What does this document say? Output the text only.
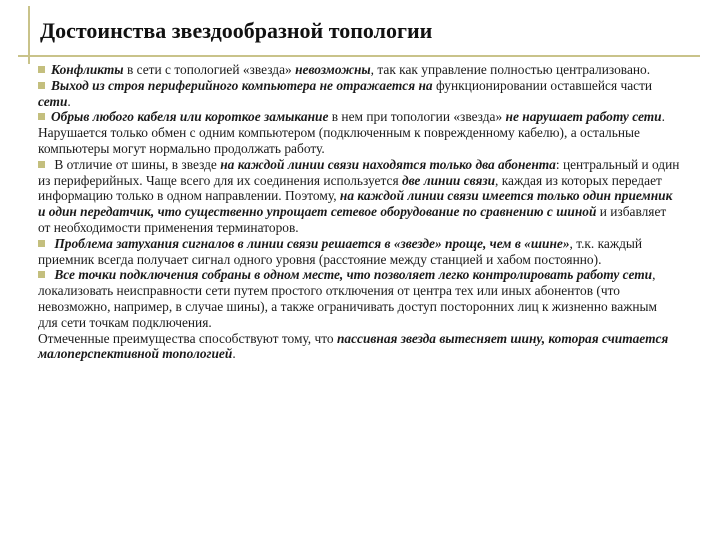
Достоинства звездообразной топологии

Конфликты в сети с топологией «звезда» невозможны, так как управление полностью централизовано.

Выход из строя периферийного компьютера не отражается на функционировании оставшейся части сети.

Обрыв любого кабеля или короткое замыкание в нем при топологии «звезда» не нарушает работу сети. Нарушается только обмен с одним компьютером (подключенным к поврежденному кабелю), а остальные компьютеры могут нормально продолжать работу.

В отличие от шины, в звезде на каждой линии связи находятся только два абонента: центральный и один из периферийных. Чаще всего для их соединения используется две линии связи, каждая из которых передает информацию только в одном направлении. Поэтому, на каждой линии связи имеется только один приемник и один передатчик, что существенно упрощает сетевое оборудование по сравнению с шиной и избавляет от необходимости применения терминаторов.

Проблема затухания сигналов в линии связи решается в «звезде» проще, чем в «шине», т.к. каждый приемник всегда получает сигнал одного уровня (расстояние между станцией и хабом постоянно).

Все точки подключения собраны в одном месте, что позволяет легко контролировать работу сети, локализовать неисправности сети путем простого отключения от центра тех или иных абонентов (что невозможно, например, в случае шины), а также ограничивать доступ посторонних лиц к жизненно важным для сети точкам подключения.

Отмеченные преимущества способствуют тому, что пассивная звезда вытесняет шину, которая считается малоперспективной топологией.
